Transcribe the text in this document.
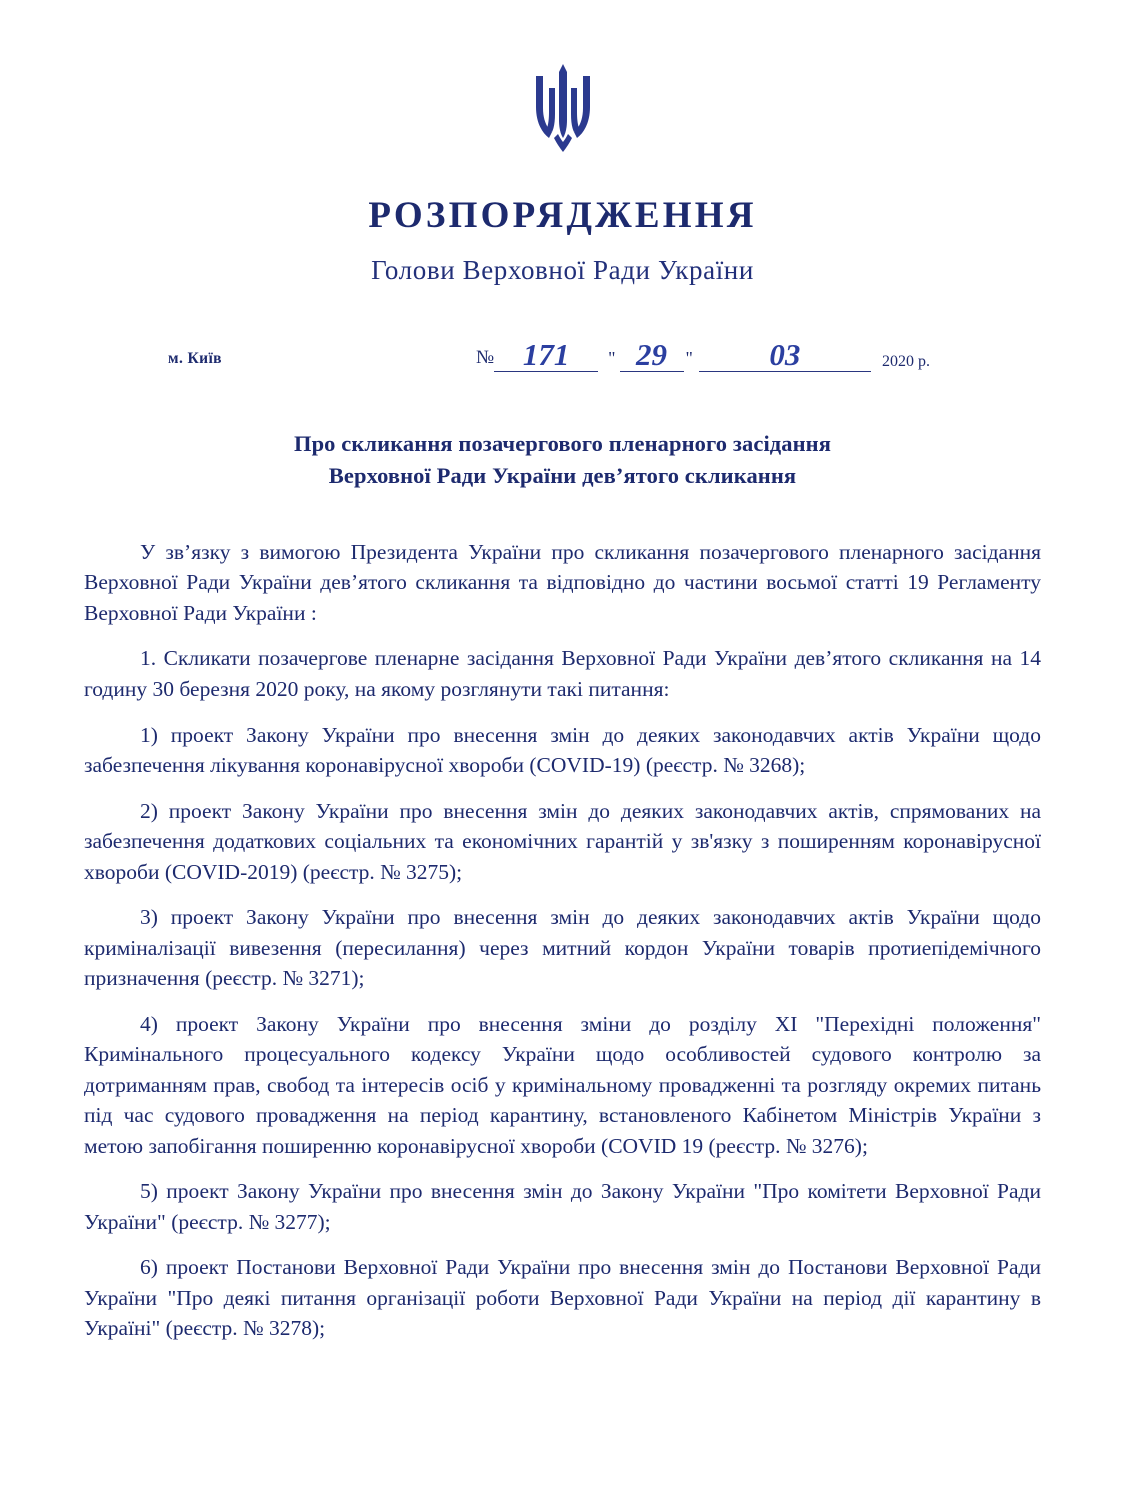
РОЗПОРЯДЖЕННЯ
Голови Верховної Ради України
м. Київ	№ 171	" 29	"	03	2020 р.
Про скликання позачергового пленарного засідання
Верховної Ради України дев’ятого скликання

У зв’язку з вимогою Президента України про скликання позачергового пленарного засідання Верховної Ради України дев’ятого скликання та відповідно до частини восьмої статті 19 Регламенту Верховної Ради України :

1. Скликати позачергове пленарне засідання Верховної Ради України дев’ятого скликання на 14 годину 30 березня 2020 року, на якому розглянути такі питання:

1) проект Закону України про внесення змін до деяких законодавчих актів України щодо забезпечення лікування коронавірусної хвороби (COVID-19) (реєстр. № 3268);

2) проект Закону України про внесення змін до деяких законодавчих актів, спрямованих на забезпечення додаткових соціальних та економічних гарантій у зв'язку з поширенням коронавірусної хвороби (COVID-2019) (реєстр. № 3275);

3) проект Закону України про внесення змін до деяких законодавчих актів України щодо криміналізації вивезення (пересилання) через митний кордон України товарів протиепідемічного призначення (реєстр. № 3271);

4) проект Закону України про внесення зміни до розділу XI "Перехідні положення" Кримінального процесуального кодексу України щодо особливостей судового контролю за дотриманням прав, свобод та інтересів осіб у кримінальному провадженні та розгляду окремих питань під час судового провадження на період карантину, встановленого Кабінетом Міністрів України з метою запобігання поширенню коронавірусної хвороби (COVID 19 (реєстр. № 3276);

5) проект Закону України про внесення змін до Закону України "Про комітети Верховної Ради України" (реєстр. № 3277);

6) проект Постанови Верховної Ради України про внесення змін до Постанови Верховної Ради України "Про деякі питання організації роботи Верховної Ради України на період дії карантину в Україні" (реєстр. № 3278);
